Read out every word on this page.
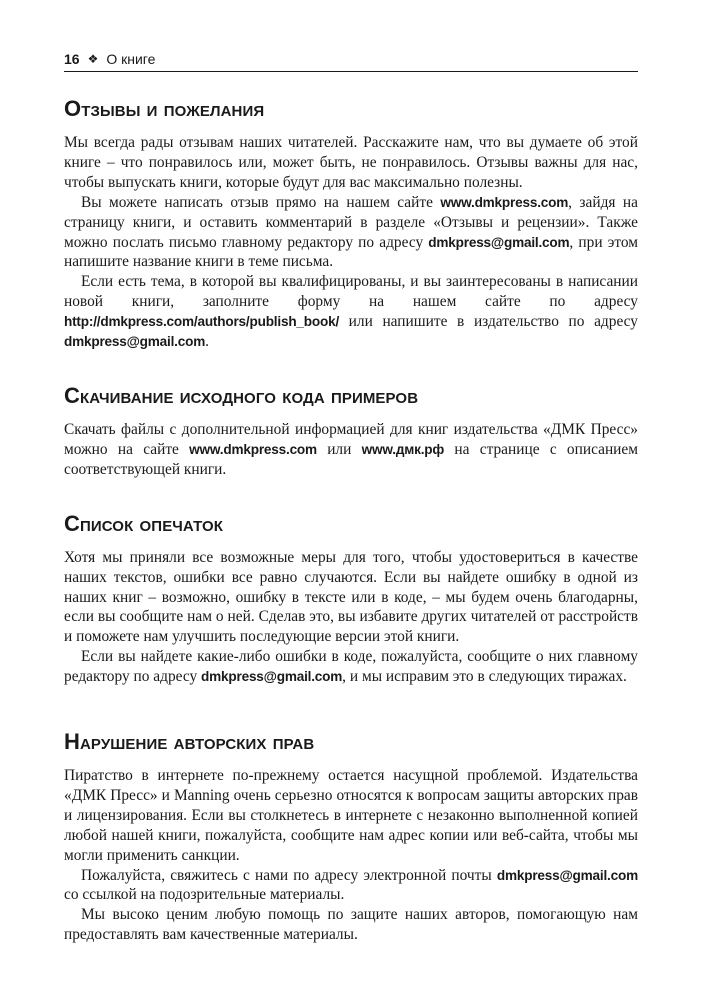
16 ❖ О книге
Отзывы и пожелания

Мы всегда рады отзывам наших читателей. Расскажите нам, что вы думаете об этой книге – что понравилось или, может быть, не понравилось. Отзывы важны для нас, чтобы выпускать книги, которые будут для вас максимально полезны.

Вы можете написать отзыв прямо на нашем сайте www.dmkpress.com, зайдя на страницу книги, и оставить комментарий в разделе «Отзывы и рецензии». Также можно послать письмо главному редактору по адресу dmkpress@gmail.com, при этом напишите название книги в теме письма.

Если есть тема, в которой вы квалифицированы, и вы заинтересованы в написании новой книги, заполните форму на нашем сайте по адресу http://dmkpress.com/authors/publish_book/ или напишите в издательство по адресу dmkpress@gmail.com.

Скачивание исходного кода примеров

Скачать файлы с дополнительной информацией для книг издательства «ДМК Пресс» можно на сайте www.dmkpress.com или www.дмк.рф на странице с описанием соответствующей книги.

Список опечаток

Хотя мы приняли все возможные меры для того, чтобы удостовериться в качестве наших текстов, ошибки все равно случаются. Если вы найдете ошибку в одной из наших книг – возможно, ошибку в тексте или в коде, – мы будем очень благодарны, если вы сообщите нам о ней. Сделав это, вы избавите других читателей от расстройств и поможете нам улучшить последующие версии этой книги.

Если вы найдете какие-либо ошибки в коде, пожалуйста, сообщите о них главному редактору по адресу dmkpress@gmail.com, и мы исправим это в следующих тиражах.

Нарушение авторских прав

Пиратство в интернете по-прежнему остается насущной проблемой. Издательства «ДМК Пресс» и Manning очень серьезно относятся к вопросам защиты авторских прав и лицензирования. Если вы столкнетесь в интернете с незаконно выполненной копией любой нашей книги, пожалуйста, сообщите нам адрес копии или веб-сайта, чтобы мы могли применить санкции.

Пожалуйста, свяжитесь с нами по адресу электронной почты dmkpress@gmail.com со ссылкой на подозрительные материалы.

Мы высоко ценим любую помощь по защите наших авторов, помогающую нам предоставлять вам качественные материалы.
